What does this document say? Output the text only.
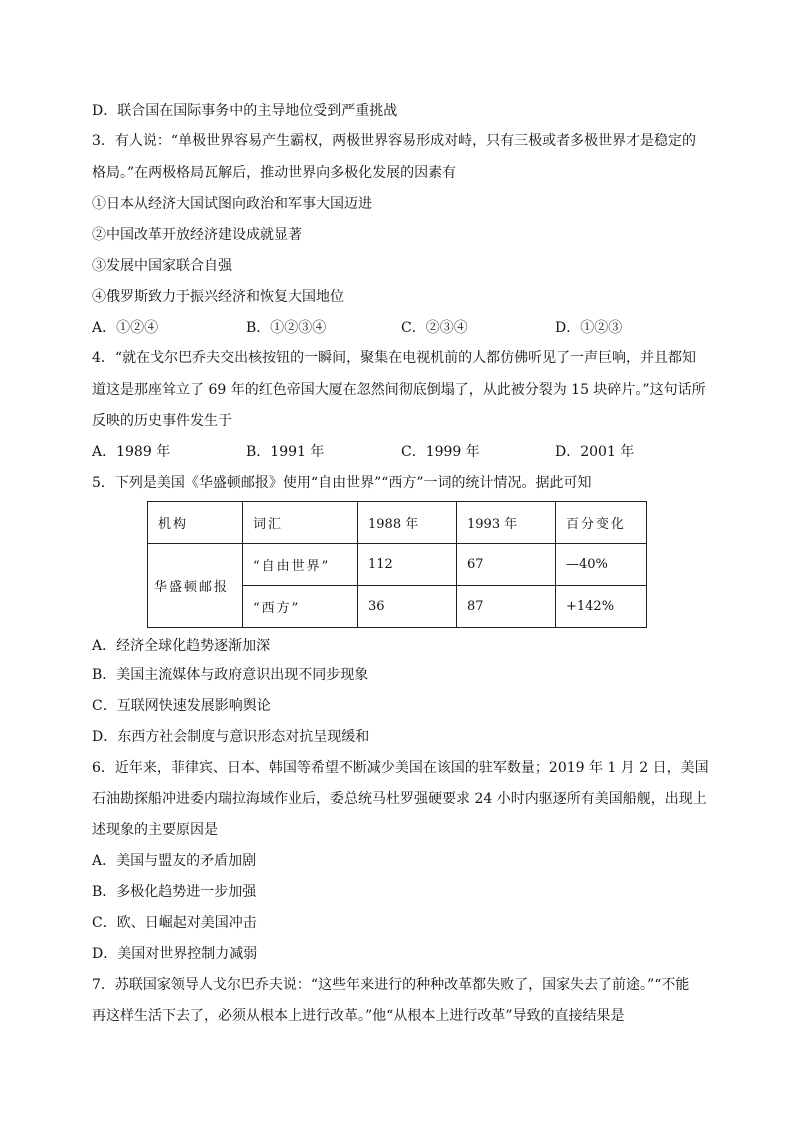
D．联合国在国际事务中的主导地位受到严重挑战
3．有人说：“单极世界容易产生霸权，两极世界容易形成对峙，只有三极或者多极世界才是稳定的
格局。”在两极格局瓦解后，推动世界向多极化发展的因素有
①日本从经济大国试图向政治和军事大国迈进
②中国改革开放经济建设成就显著
③发展中国家联合自强
④俄罗斯致力于振兴经济和恢复大国地位
A．①②④	B．①②③④	C．②③④	D．①②③
4．“就在戈尔巴乔夫交出核按钮的一瞬间，聚集在电视机前的人都仿佛听见了一声巨响，并且都知
道这是那座耸立了 69 年的红色帝国大厦在忽然间彻底倒塌了，从此被分裂为 15 块碎片。”这句话所
反映的历史事件发生于
A．1989 年	B．1991 年	C．1999 年	D．2001 年
5．下列是美国《华盛顿邮报》使用“自由世界”“西方”一词的统计情况。据此可知
机构	词汇	1988 年	1993 年	百分变化
华盛顿邮报	“自由世界”	112	67	—40%
	“西方”	36	87	+142%
A．经济全球化趋势逐渐加深
B．美国主流媒体与政府意识出现不同步现象
C．互联网快速发展影响舆论
D．东西方社会制度与意识形态对抗呈现缓和
6．近年来，菲律宾、日本、韩国等希望不断减少美国在该国的驻军数量；2019 年 1 月 2 日，美国
石油勘探船冲进委内瑞拉海域作业后，委总统马杜罗强硬要求 24 小时内驱逐所有美国船舰，出现上
述现象的主要原因是
A．美国与盟友的矛盾加剧
B．多极化趋势进一步加强
C．欧、日崛起对美国冲击
D．美国对世界控制力减弱
7．苏联国家领导人戈尔巴乔夫说：“这些年来进行的种种改革都失败了，国家失去了前途。”“不能
再这样生活下去了，必须从根本上进行改革。”他“从根本上进行改革”导致的直接结果是
